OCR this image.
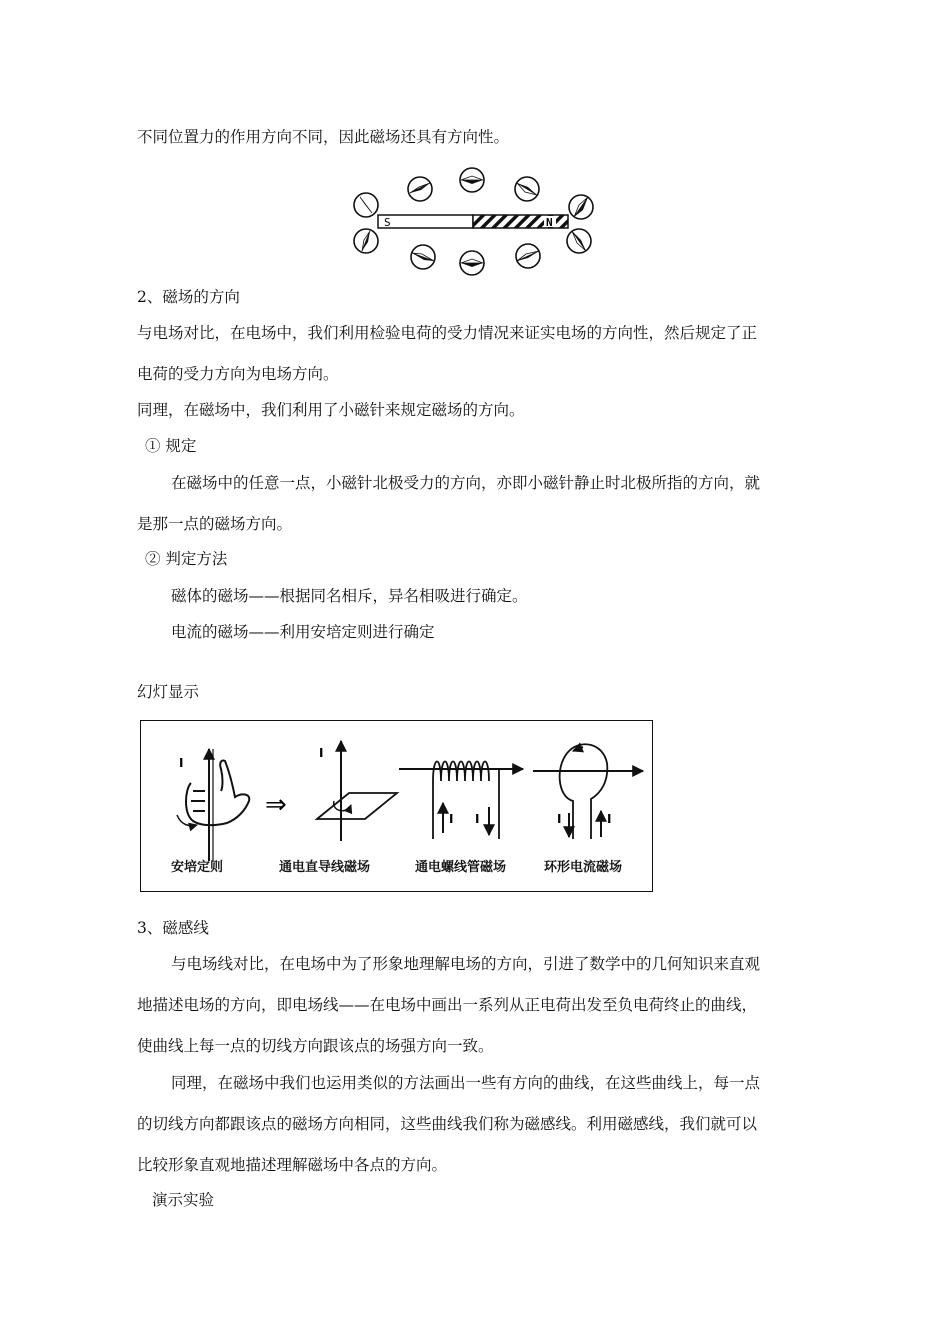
不同位置力的作用方向不同，因此磁场还具有方向性。
S	N
2、磁场的方向
与电场对比，在电场中，我们利用检验电荷的受力情况来证实电场的方向性，然后规定了正
电荷的受力方向为电场方向。
同理，在磁场中，我们利用了小磁针来规定磁场的方向。
① 规定
在磁场中的任意一点，小磁针北极受力的方向，亦即小磁针静止时北极所指的方向，就
是那一点的磁场方向。
② 判定方法
磁体的磁场——根据同名相斥，异名相吸进行确定。
电流的磁场——利用安培定则进行确定
幻灯显示
I
⇒
I
I I	I	I
安培定则	通电直导线磁场	通电螺线管磁场	环形电流磁场
3、磁感线
与电场线对比，在电场中为了形象地理解电场的方向，引进了数学中的几何知识来直观
地描述电场的方向，即电场线——在电场中画出一系列从正电荷出发至负电荷终止的曲线，
使曲线上每一点的切线方向跟该点的场强方向一致。
同理，在磁场中我们也运用类似的方法画出一些有方向的曲线，在这些曲线上，每一点
的切线方向都跟该点的磁场方向相同，这些曲线我们称为磁感线。利用磁感线，我们就可以
比较形象直观地描述理解磁场中各点的方向。
演示实验
